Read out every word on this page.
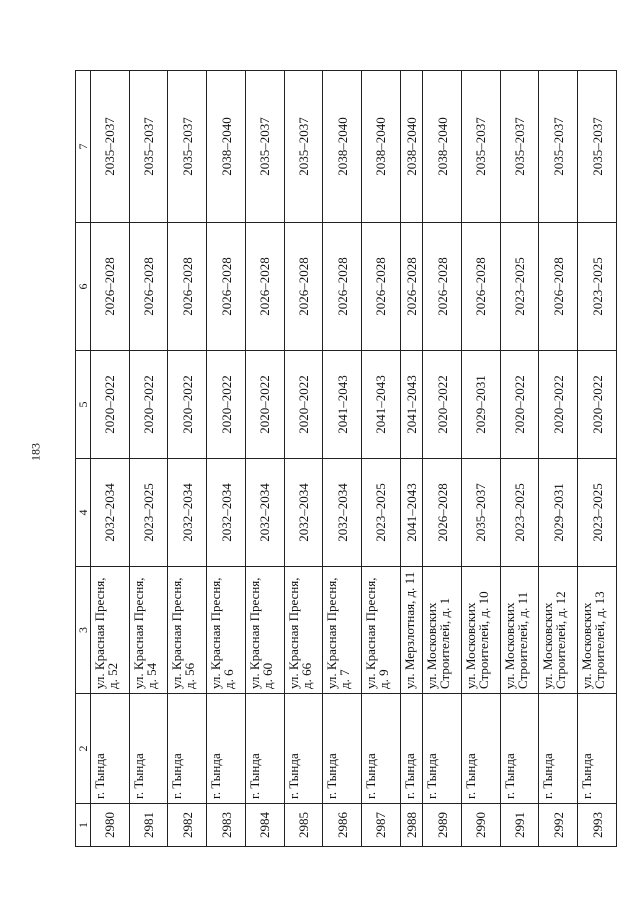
183
1	2	3	4	5	6	7
2980	г. Тында	ул. Красная Пресня, д. 52	2032–2034	2020–2022	2026–2028	2035–2037
2981	г. Тында	ул. Красная Пресня, д. 54	2023–2025	2020–2022	2026–2028	2035–2037
2982	г. Тында	ул. Красная Пресня, д. 56	2032–2034	2020–2022	2026–2028	2035–2037
2983	г. Тында	ул. Красная Пресня, д. 6	2032–2034	2020–2022	2026–2028	2038–2040
2984	г. Тында	ул. Красная Пресня, д. 60	2032–2034	2020–2022	2026–2028	2035–2037
2985	г. Тында	ул. Красная Пресня, д. 66	2032–2034	2020–2022	2026–2028	2035–2037
2986	г. Тында	ул. Красная Пресня, д. 7	2032–2034	2041–2043	2026–2028	2038–2040
2987	г. Тында	ул. Красная Пресня, д. 9	2023–2025	2041–2043	2026–2028	2038–2040
2988	г. Тында	ул. Мерзлотная, д. 11	2041–2043	2041–2043	2026–2028	2038–2040
2989	г. Тында	ул. Московских Строителей, д. 1	2026–2028	2020–2022	2026–2028	2038–2040
2990	г. Тында	ул. Московских Строителей, д. 10	2035–2037	2029–2031	2026–2028	2035–2037
2991	г. Тында	ул. Московских Строителей, д. 11	2023–2025	2020–2022	2023–2025	2035–2037
2992	г. Тында	ул. Московских Строителей, д. 12	2029–2031	2020–2022	2026–2028	2035–2037
2993	г. Тында	ул. Московских Строителей, д. 13	2023–2025	2020–2022	2023–2025	2035–2037
